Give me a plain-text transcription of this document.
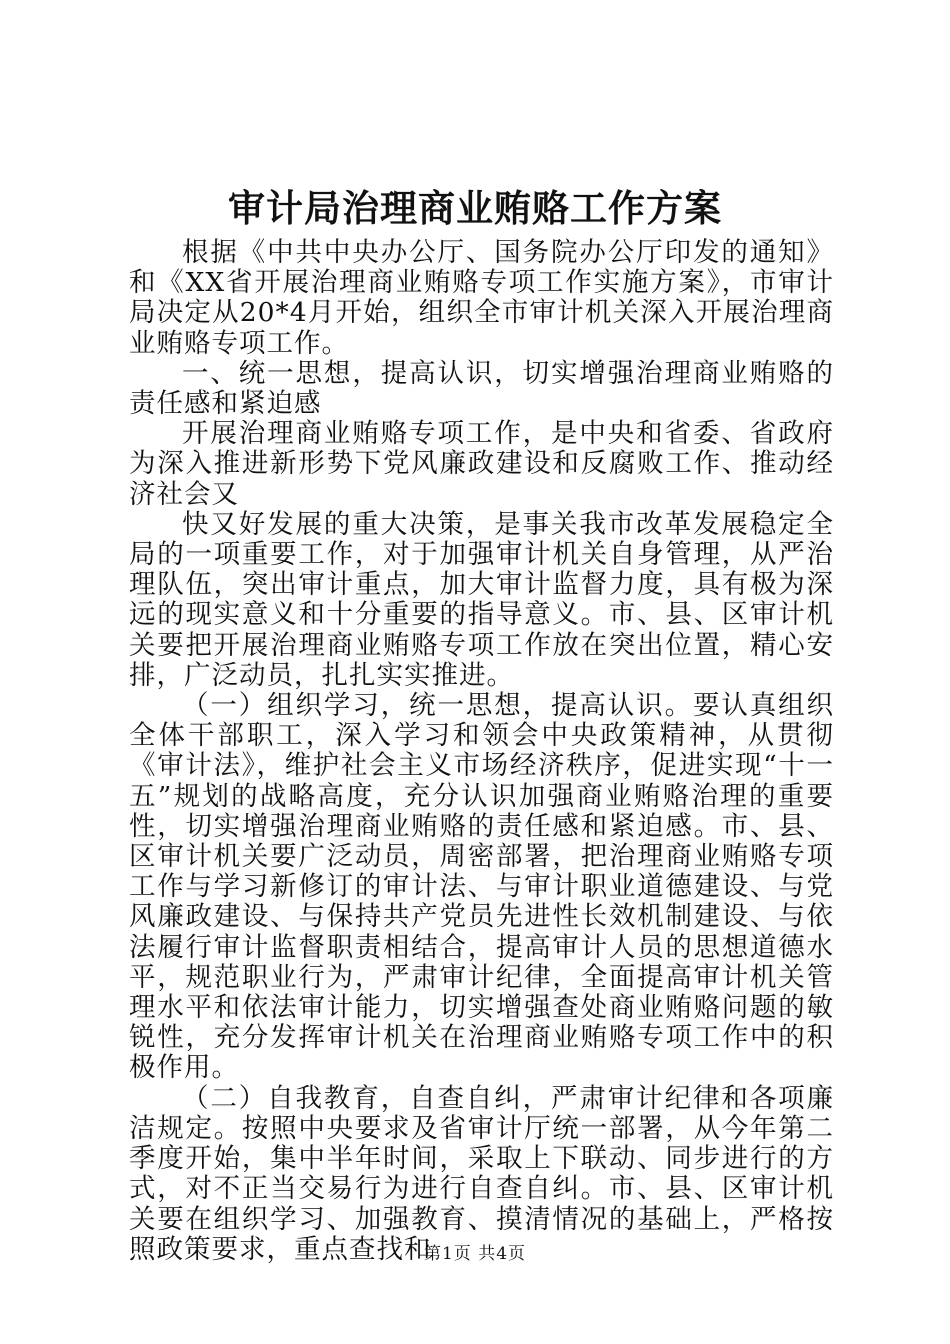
审计局治理商业贿赂工作方案

根据《中共中央办公厅、国务院办公厅印发的通知》和《XX省开展治理商业贿赂专项工作实施方案》，市审计局决定从20*4月开始，组织全市审计机关深入开展治理商业贿赂专项工作。

一、统一思想，提高认识，切实增强治理商业贿赂的责任感和紧迫感

开展治理商业贿赂专项工作，是中央和省委、省政府为深入推进新形势下党风廉政建设和反腐败工作、推动经济社会又

快又好发展的重大决策，是事关我市改革发展稳定全局的一项重要工作，对于加强审计机关自身管理，从严治理队伍，突出审计重点，加大审计监督力度，具有极为深远的现实意义和十分重要的指导意义。市、县、区审计机关要把开展治理商业贿赂专项工作放在突出位置，精心安排，广泛动员，扎扎实实推进。

（一）组织学习，统一思想，提高认识。要认真组织全体干部职工，深入学习和领会中央政策精神，从贯彻《审计法》，维护社会主义市场经济秩序，促进实现“十一五”规划的战略高度，充分认识加强商业贿赂治理的重要性，切实增强治理商业贿赂的责任感和紧迫感。市、县、区审计机关要广泛动员，周密部署，把治理商业贿赂专项工作与学习新修订的审计法、与审计职业道德建设、与党风廉政建设、与保持共产党员先进性长效机制建设、与依法履行审计监督职责相结合，提高审计人员的思想道德水平，规范职业行为，严肃审计纪律，全面提高审计机关管理水平和依法审计能力，切实增强查处商业贿赂问题的敏锐性，充分发挥审计机关在治理商业贿赂专项工作中的积极作用。

（二）自我教育，自查自纠，严肃审计纪律和各项廉洁规定。按照中央要求及省审计厅统一部署，从今年第二季度开始，集中半年时间，采取上下联动、同步进行的方式，对不正当交易行为进行自查自纠。市、县、区审计机关要在组织学习、加强教育、摸清情况的基础上，严格按照政策要求，重点查找和

第1页 共4页
